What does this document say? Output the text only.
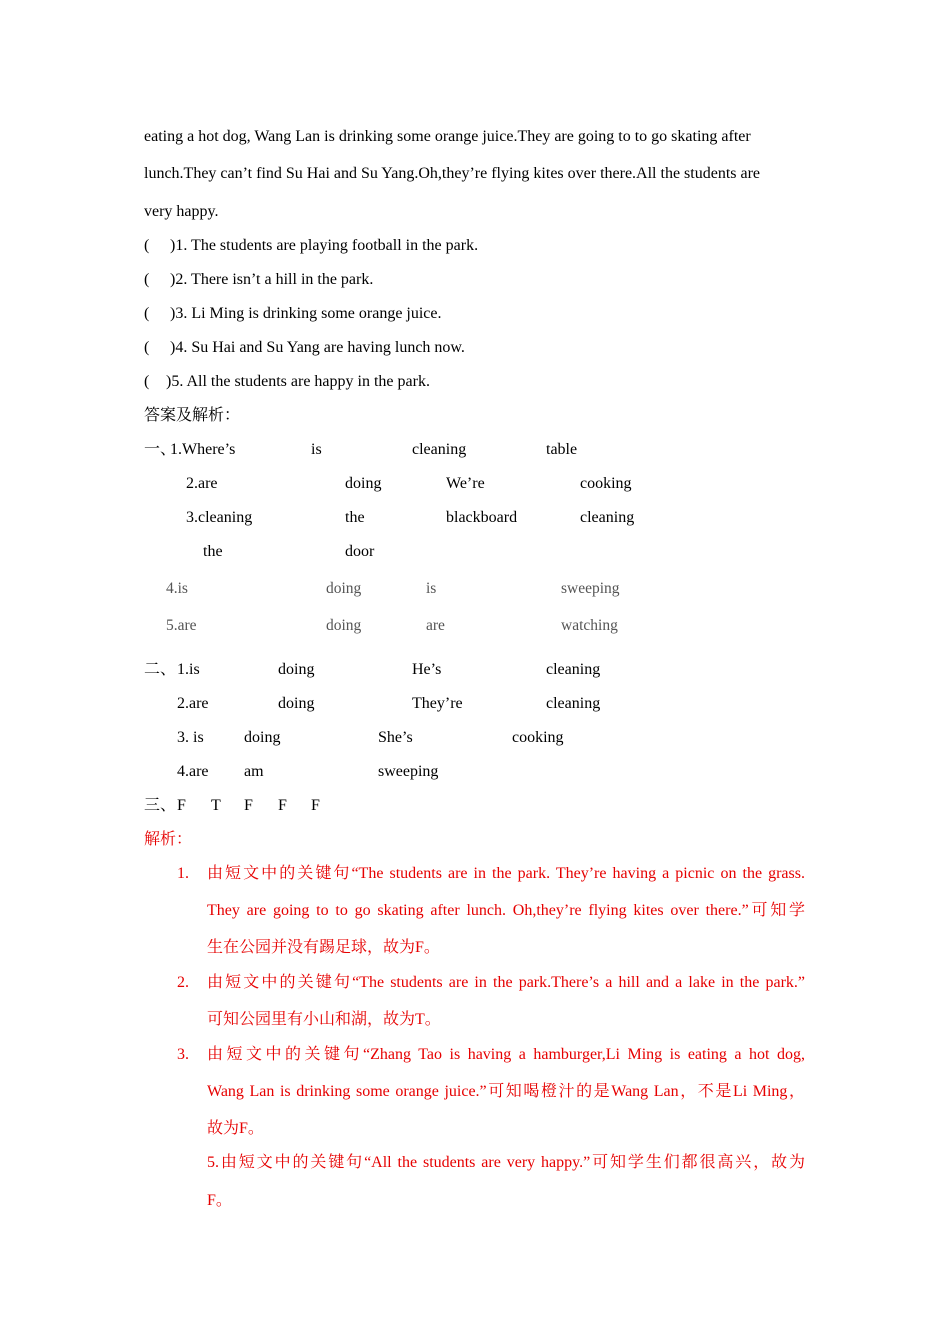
eating a hot dog, Wang Lan is drinking some orange juice.They are going to to go skating after
lunch.They can’t find Su Hai and Su Yang.Oh,they’re flying kites over there.All the students are
very happy.
( )1. The students are playing football in the park.
( )2. There isn’t a hill in the park.
( )3. Li Ming is drinking some orange juice.
( )4. Su Hai and Su Yang are having lunch now.
( )5. All the students are happy in the park.
答案及解析：
一、
1.Where’s	is	cleaning	table
2.are	doing	We’re	cooking
3.cleaning	the	blackboard	cleaning
the	door
4.is	doing	is	sweeping
5.are	doing	are	watching
二、 1.is	doing	He’s	cleaning
2.are	doing	They’re	cleaning
3. is	doing	She’s	cooking
4.are am	sweeping
三、 F T F F F
解析：
1. 由短文中的关键句“The students are in the park. They’re having a picnic on the grass.
They are going to to go skating after lunch. Oh,they’re flying kites over there.”可知学
生在公园并没有踢足球，故为F。
2. 由短文中的关键句“The students are in the park.There’s a hill and a lake in the park.”
可知公园里有小山和湖，故为T。
3. 由短文中的关键句“Zhang Tao is having a hamburger,Li Ming is eating a hot dog,
Wang Lan is drinking some orange juice.”可知喝橙汁的是Wang Lan，不是Li Ming，
故为F。
5.由短文中的关键句“All the students are very happy.”可知学生们都很高兴，故为
F。
